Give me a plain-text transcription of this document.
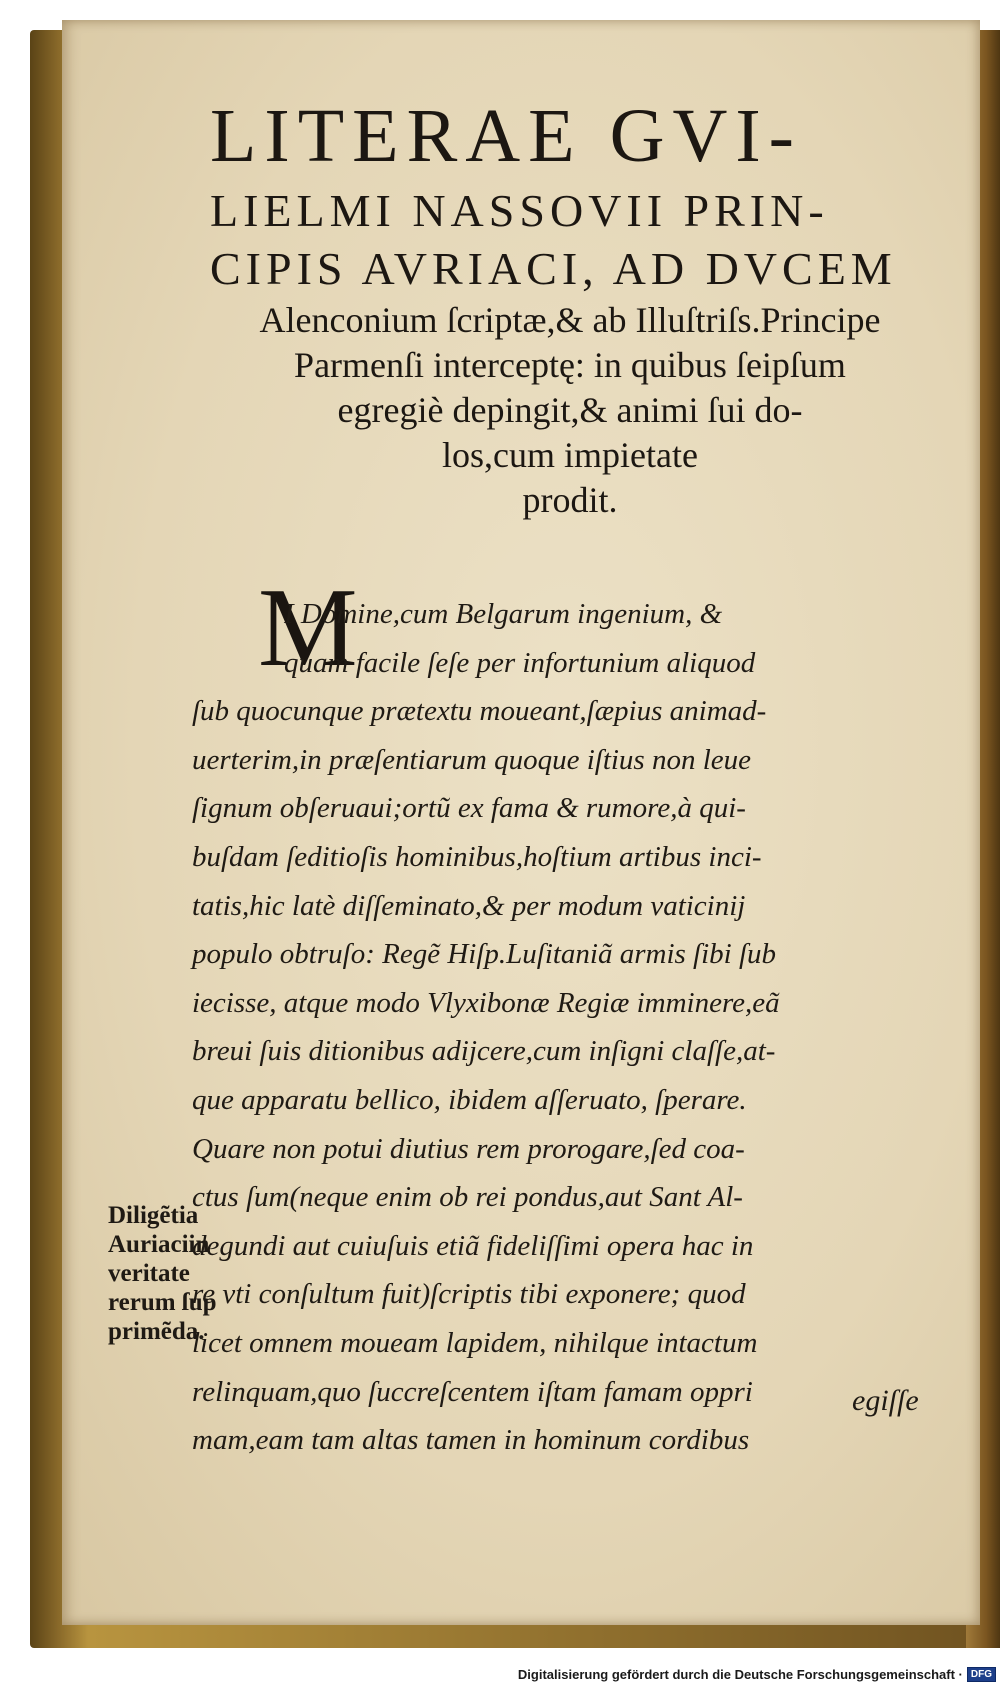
LITERAE GVI-
LIELMI NASSOVII PRIN-
CIPIS AVRIACI, AD DVCEM
Alenconium ſcriptæ,& ab Illuſtriſs.Principe
Parmenſi interceptę: in quibus ſeipſum
egregiè depingit,& animi ſui do-
los,cum impietate
prodit.
M
I Domine,cum Belgarum ingenium, &
quam facile ſeſe per infortunium aliquod
ſub quocunque prætextu moueant,ſæpius animad-
uerterim,in præſentiarum quoque iſtius non leue
ſignum obſeruaui;ortũ ex fama & rumore,à qui-
buſdam ſeditioſis hominibus,hoſtium artibus inci-
tatis,hic latè diſſeminato,& per modum vaticinij
populo obtruſo: Regẽ Hiſp.Luſitaniã armis ſibi ſub
iecisse, atque modo Vlyxibonæ Regiæ imminere,eã
breui ſuis ditionibus adijcere,cum inſigni claſſe,at-
que apparatu bellico, ibidem aſſeruato, ſperare.
Quare non potui diutius rem prorogare,ſed coa-
ctus ſum(neque enim ob rei pondus,aut Sant Al-
degundi aut cuiuſuis etiã fideliſſimi opera hac in
re vti conſultum fuit)ſcriptis tibi exponere; quod
licet omnem moueam lapidem, nihilque intactum
relinquam,quo ſuccreſcentem iſtam famam oppri
mam,eam tam altas tamen in hominum cordibus
Diligẽtia
Auriaciin
veritate
rerum ſup
primẽda.
egiſſe
Digitalisierung gefördert durch die Deutsche Forschungsgemeinschaft · DFG
